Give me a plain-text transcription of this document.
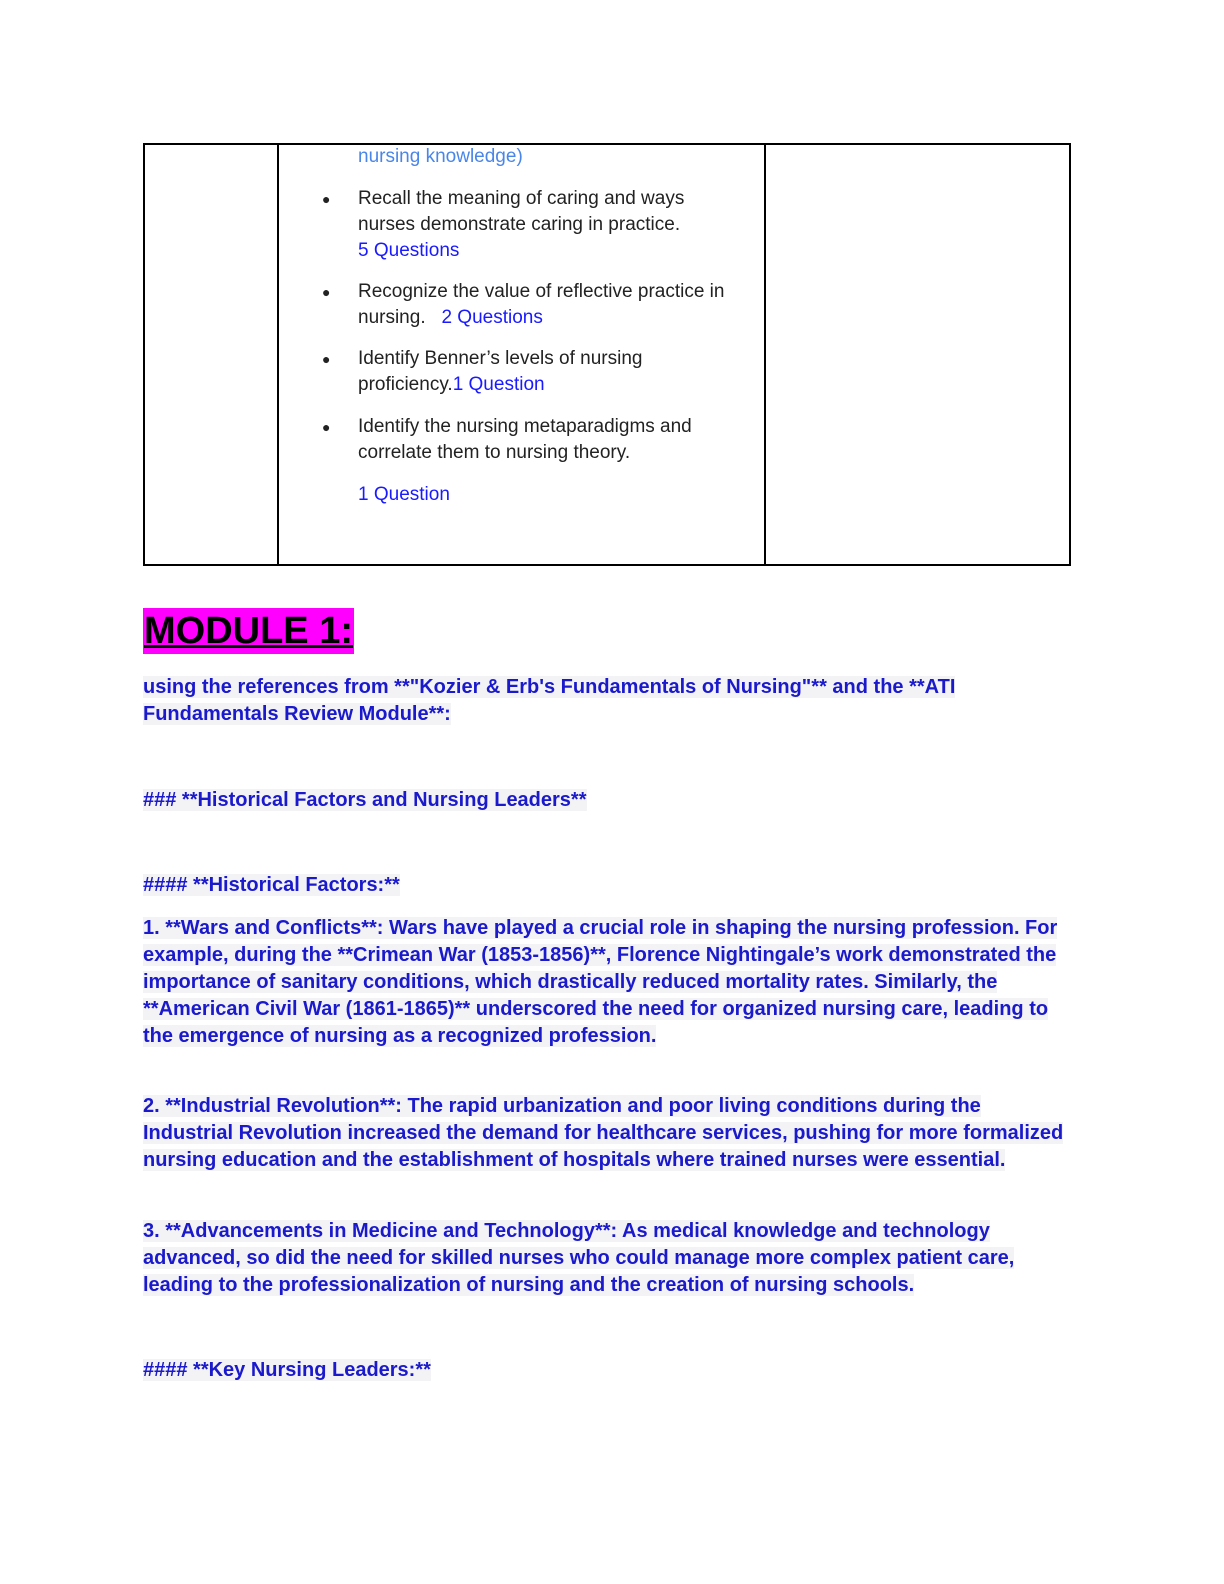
nursing knowledge)

● Recall the meaning of caring and ways nurses demonstrate caring in practice.
5 Questions

● Recognize the value of reflective practice in nursing. 2 Questions

● Identify Benner’s levels of nursing proficiency.1 Question

● Identify the nursing metaparadigms and correlate them to nursing theory.

1 Question

MODULE 1:

using the references from **"Kozier & Erb's Fundamentals of Nursing"** and the **ATI Fundamentals Review Module**:

### **Historical Factors and Nursing Leaders**

#### **Historical Factors:**

1. **Wars and Conflicts**: Wars have played a crucial role in shaping the nursing profession. For example, during the **Crimean War (1853-1856)**, Florence Nightingale’s work demonstrated the importance of sanitary conditions, which drastically reduced mortality rates. Similarly, the **American Civil War (1861-1865)** underscored the need for organized nursing care, leading to the emergence of nursing as a recognized profession.

2. **Industrial Revolution**: The rapid urbanization and poor living conditions during the Industrial Revolution increased the demand for healthcare services, pushing for more formalized nursing education and the establishment of hospitals where trained nurses were essential.

3. **Advancements in Medicine and Technology**: As medical knowledge and technology advanced, so did the need for skilled nurses who could manage more complex patient care, leading to the professionalization of nursing and the creation of nursing schools.

#### **Key Nursing Leaders:**
